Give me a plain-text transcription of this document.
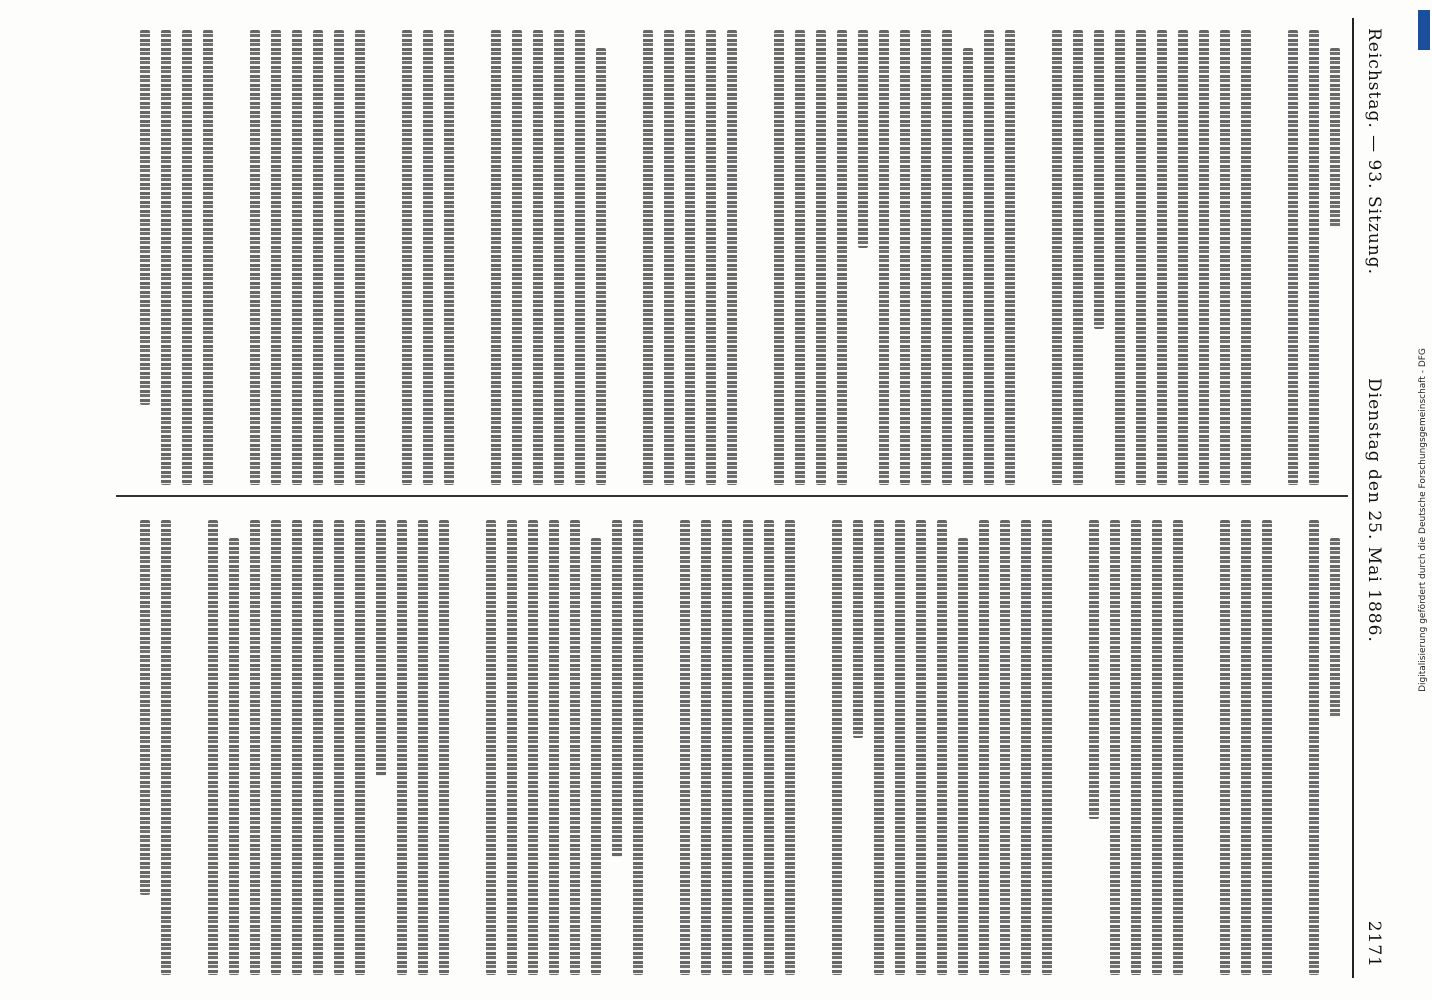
Reichstag. — 93. Sitzung.
Dienstag den 25. Mai 1886.
2171
Digitalisierung gefördert durch die Deutsche Forschungsgemeinschaft - DFG
